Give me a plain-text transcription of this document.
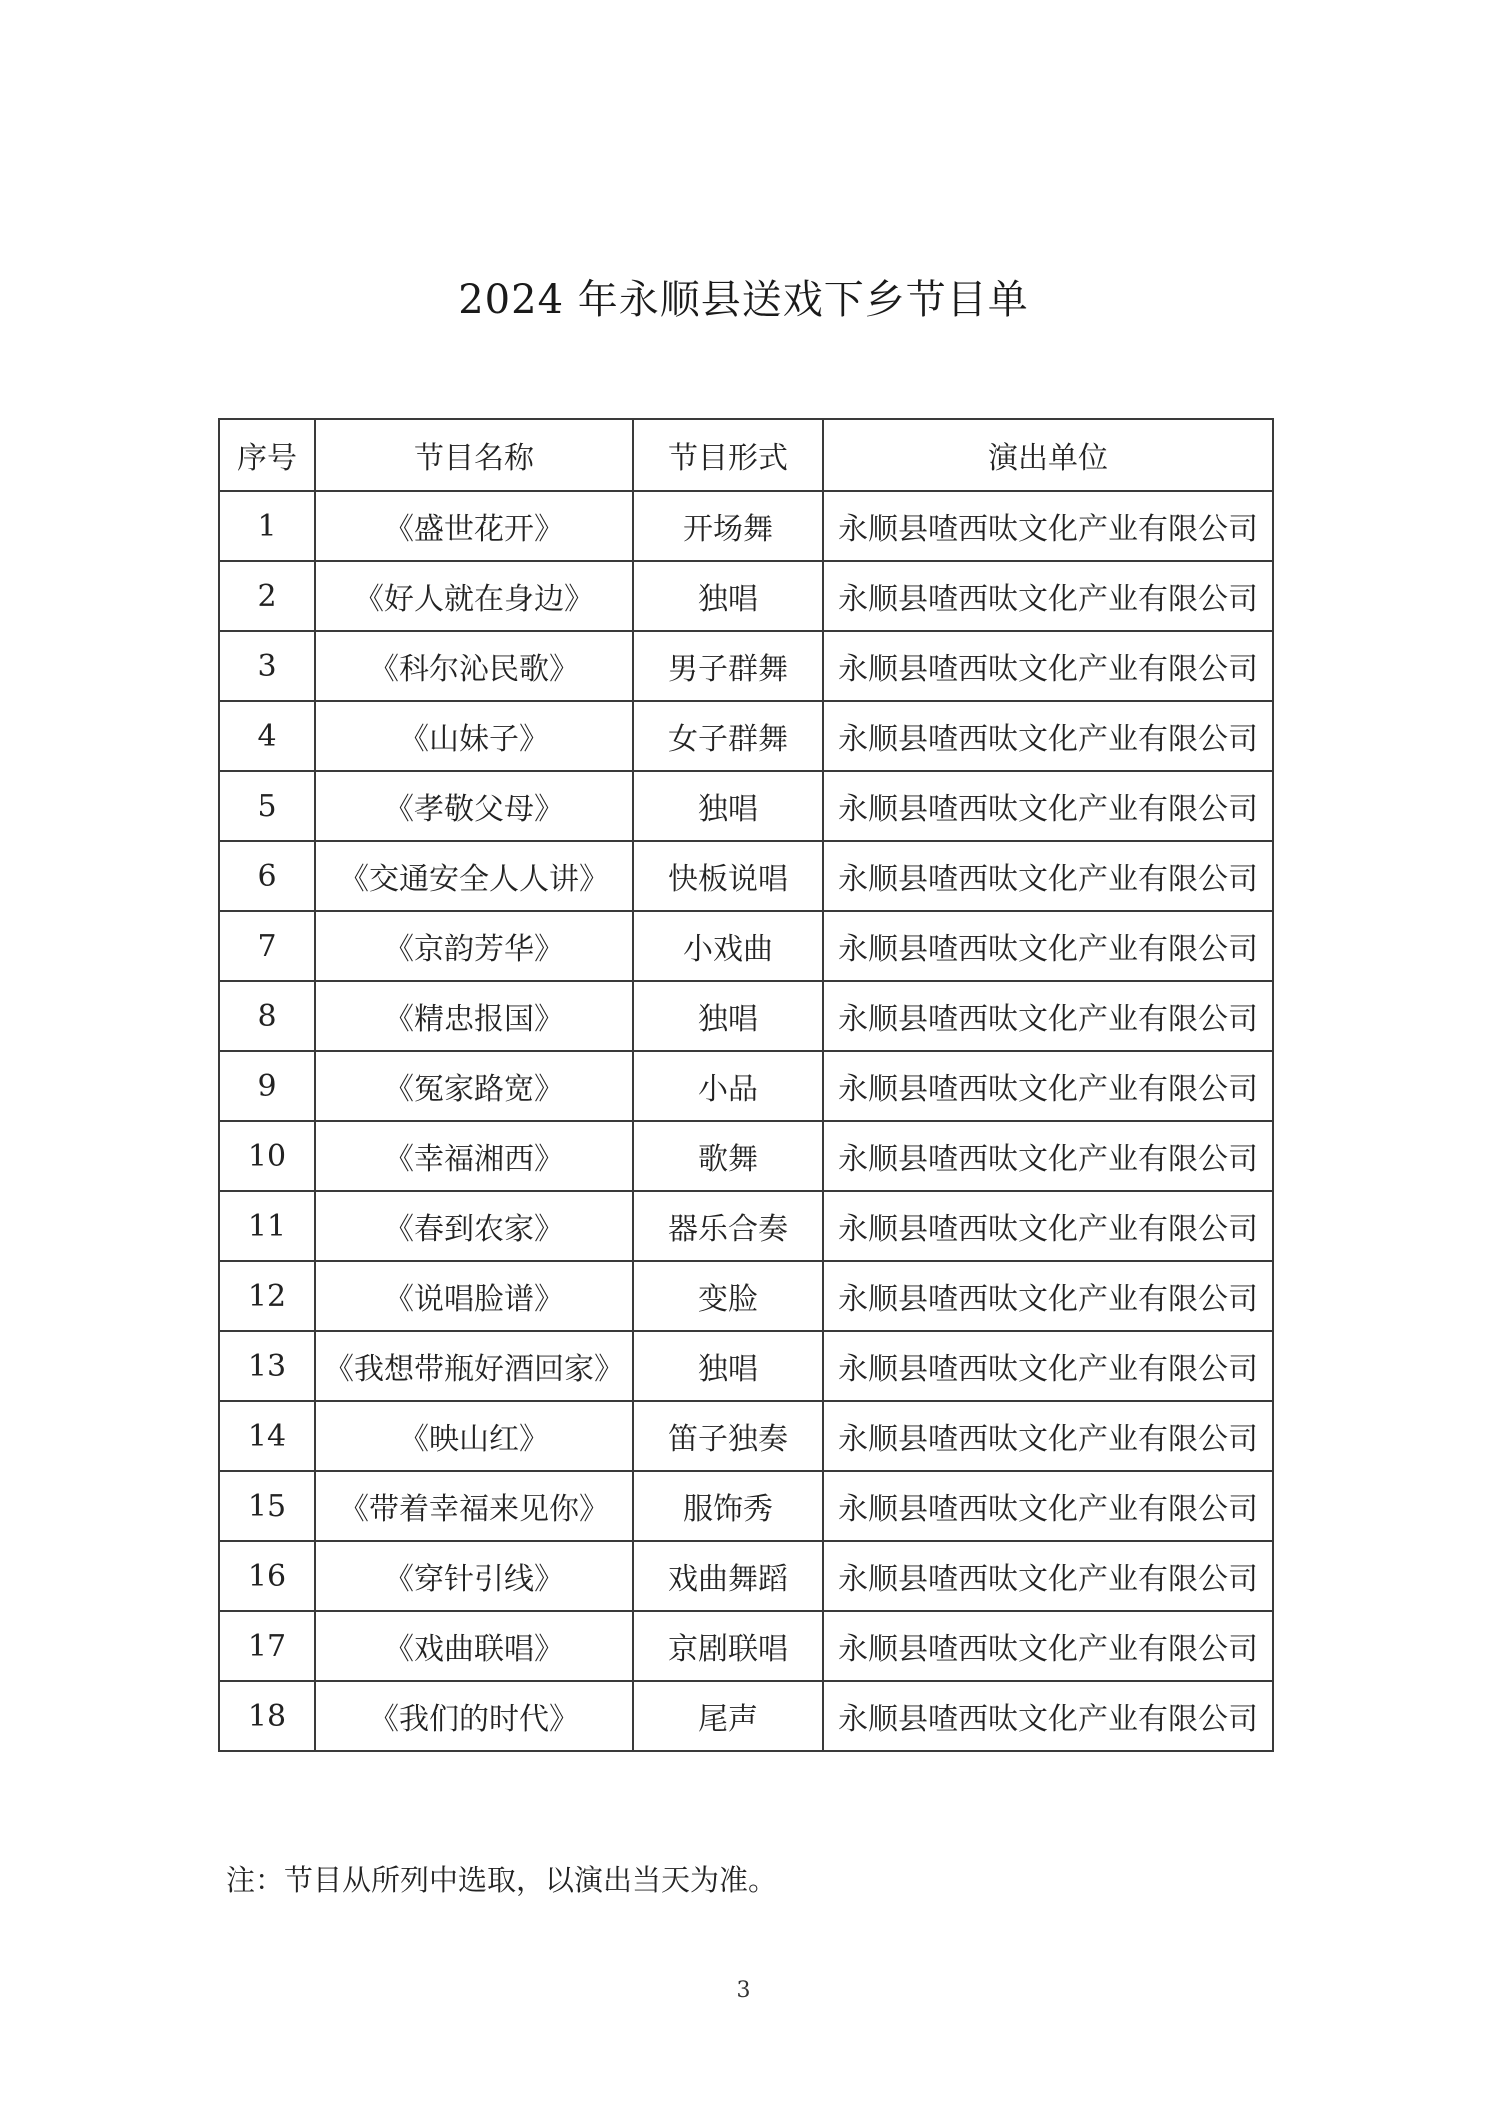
2024 年永顺县送戏下乡节目单
序号	节目名称	节目形式	演出单位
1	《盛世花开》	开场舞	永顺县喳西呔文化产业有限公司
2	《好人就在身边》	独唱	永顺县喳西呔文化产业有限公司
3	《科尔沁民歌》	男子群舞	永顺县喳西呔文化产业有限公司
4	《山妹子》	女子群舞	永顺县喳西呔文化产业有限公司
5	《孝敬父母》	独唱	永顺县喳西呔文化产业有限公司
6	《交通安全人人讲》	快板说唱	永顺县喳西呔文化产业有限公司
7	《京韵芳华》	小戏曲	永顺县喳西呔文化产业有限公司
8	《精忠报国》	独唱	永顺县喳西呔文化产业有限公司
9	《冤家路宽》	小品	永顺县喳西呔文化产业有限公司
10	《幸福湘西》	歌舞	永顺县喳西呔文化产业有限公司
11	《春到农家》	器乐合奏	永顺县喳西呔文化产业有限公司
12	《说唱脸谱》	变脸	永顺县喳西呔文化产业有限公司
13	《我想带瓶好酒回家》	独唱	永顺县喳西呔文化产业有限公司
14	《映山红》	笛子独奏	永顺县喳西呔文化产业有限公司
15	《带着幸福来见你》	服饰秀	永顺县喳西呔文化产业有限公司
16	《穿针引线》	戏曲舞蹈	永顺县喳西呔文化产业有限公司
17	《戏曲联唱》	京剧联唱	永顺县喳西呔文化产业有限公司
18	《我们的时代》	尾声	永顺县喳西呔文化产业有限公司
注：节目从所列中选取，以演出当天为准。
3
